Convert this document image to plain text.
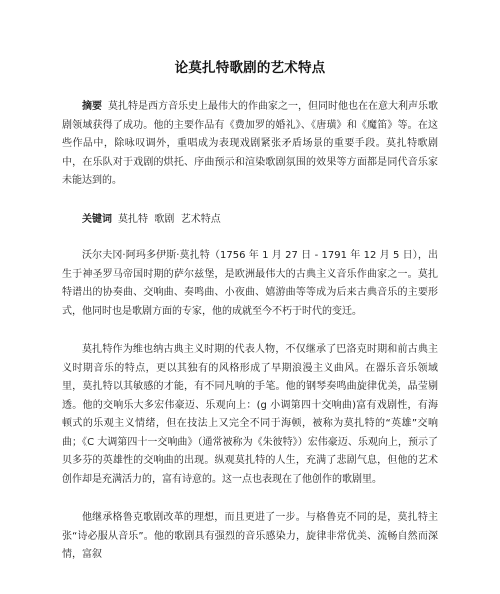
论莫扎特歌剧的艺术特点

摘要 莫扎特是西方音乐史上最伟大的作曲家之一，但同时他也在在意大利声乐歌剧领域获得了成功。他的主要作品有《费加罗的婚礼》、《唐璜》和《魔笛》等。在这些作品中，除咏叹调外，重唱成为表现戏剧紧张矛盾场景的重要手段。莫扎特歌剧中，在乐队对于戏剧的烘托、序曲预示和渲染歌剧氛围的效果等方面都是同代音乐家未能达到的。

关键词 莫扎特  歌剧  艺术特点

沃尔夫冈·阿玛多伊斯·莫扎特（1756 年 1 月 27 日 - 1791 年 12 月 5 日），出生于神圣罗马帝国时期的萨尔兹堡，是欧洲最伟大的古典主义音乐作曲家之一。莫扎特谱出的协奏曲、交响曲、奏鸣曲、小夜曲、嬉游曲等等成为后来古典音乐的主要形式，他同时也是歌剧方面的专家，他的成就至今不朽于时代的变迁。

莫扎特作为维也纳古典主义时期的代表人物，不仅继承了巴洛克时期和前古典主义时期音乐的特点，更以其独有的风格形成了早期浪漫主义曲风。在器乐音乐领域里，莫扎特以其敏感的才能，有不同凡响的手笔。他的钢琴奏鸣曲旋律优美，晶莹剔透。他的交响乐大多宏伟豪迈、乐观向上：(g 小调第四十交响曲)富有戏剧性，有海顿式的乐观主义情绪，但在技法上又完全不同于海顿，被称为莫扎特的“英雄”交响曲；《C 大调第四十一交响曲》（通常被称为《朱彼特》）宏伟豪迈、乐观向上，预示了贝多芬的英雄性的交响曲的出现。纵观莫扎特的人生，充满了悲剧气息，但他的艺术创作却是充满活力的，富有诗意的。这一点也表现在了他创作的歌剧里。

他继承格鲁克歌剧改革的理想，而且更进了一步。与格鲁克不同的是，莫扎特主张“诗必服从音乐”。他的歌剧具有强烈的音乐感染力，旋律非常优美、流畅自然而深情，富叙
